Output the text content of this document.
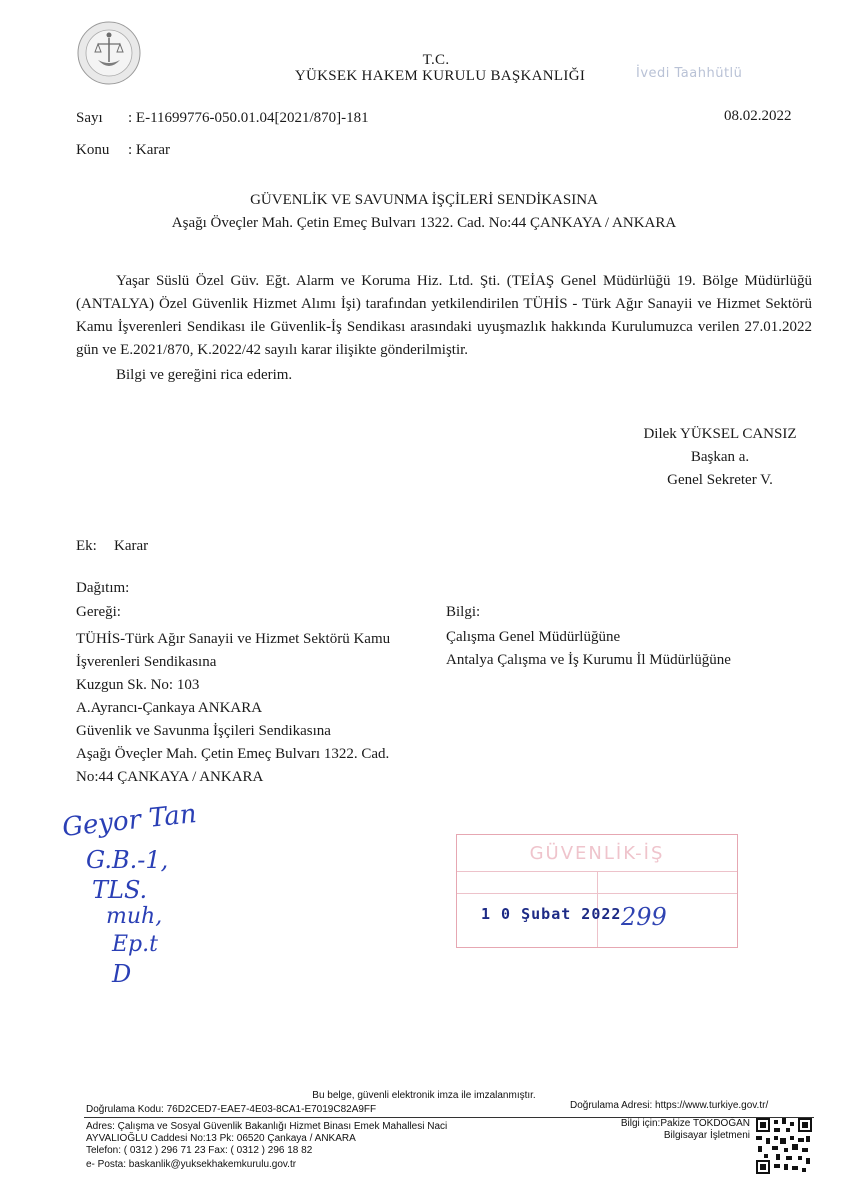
T.C.
YÜKSEK HAKEM KURULU BAŞKANLIĞI	İvedi Taahhütlü
Sayı : E-11699776-050.01.04[2021/870]-181	08.02.2022
Konu : Karar
GÜVENLİK VE SAVUNMA İŞÇİLERİ SENDİKASINA
Aşağı Öveçler Mah. Çetin Emeç Bulvarı 1322. Cad. No:44 ÇANKAYA / ANKARA

Yaşar Süslü Özel Güv. Eğt. Alarm ve Koruma Hiz. Ltd. Şti. (TEİAŞ Genel Müdürlüğü 19. Bölge Müdürlüğü (ANTALYA) Özel Güvenlik Hizmet Alımı İşi) tarafından yetkilendirilen TÜHİS - Türk Ağır Sanayii ve Hizmet Sektörü Kamu İşverenleri Sendikası ile Güvenlik-İş Sendikası arasındaki uyuşmazlık hakkında Kurulumuzca verilen 27.01.2022 gün ve E.2021/870, K.2022/42 sayılı karar ilişikte gönderilmiştir.

Bilgi ve gereğini rica ederim.

Dilek YÜKSEL CANSIZ
Başkan a.
Genel Sekreter V.
Ek: Karar
Dağıtım:
Gereği:
TÜHİS-Türk Ağır Sanayii ve Hizmet Sektörü Kamu
İşverenleri Sendikasına
Kuzgun Sk. No: 103
A.Ayrancı-Çankaya ANKARA
Güvenlik ve Savunma İşçileri Sendikasına
Aşağı Öveçler Mah. Çetin Emeç Bulvarı 1322. Cad.
No:44 ÇANKAYA / ANKARA
Bilgi:
Çalışma Genel Müdürlüğüne
Antalya Çalışma ve İş Kurumu İl Müdürlüğüne
Geyor Tan
G.B.-1,
TLS.
muh,
Ep.t
D
GÜVENLİK-İŞ
1 0 Şubat 2022 299
Bu belge, güvenli elektronik imza ile imzalanmıştır.
Doğrulama Kodu: 76D2CED7-EAE7-4E03-8CA1-E7019C82A9FF	Doğrulama Adresi: https://www.turkiye.gov.tr/
Adres: Çalışma ve Sosyal Güvenlik Bakanlığı Hizmet Binası Emek Mahallesi Naci
AYVALIOĞLU Caddesi No:13 Pk: 06520 Çankaya / ANKARA
Telefon: ( 0312 ) 296 71 23 Fax: ( 0312 ) 296 18 82
e- Posta: baskanlik@yuksekhakemkurulu.gov.tr
Bilgi için:Pakize TOKDOĞAN
Bilgisayar İşletmeni
